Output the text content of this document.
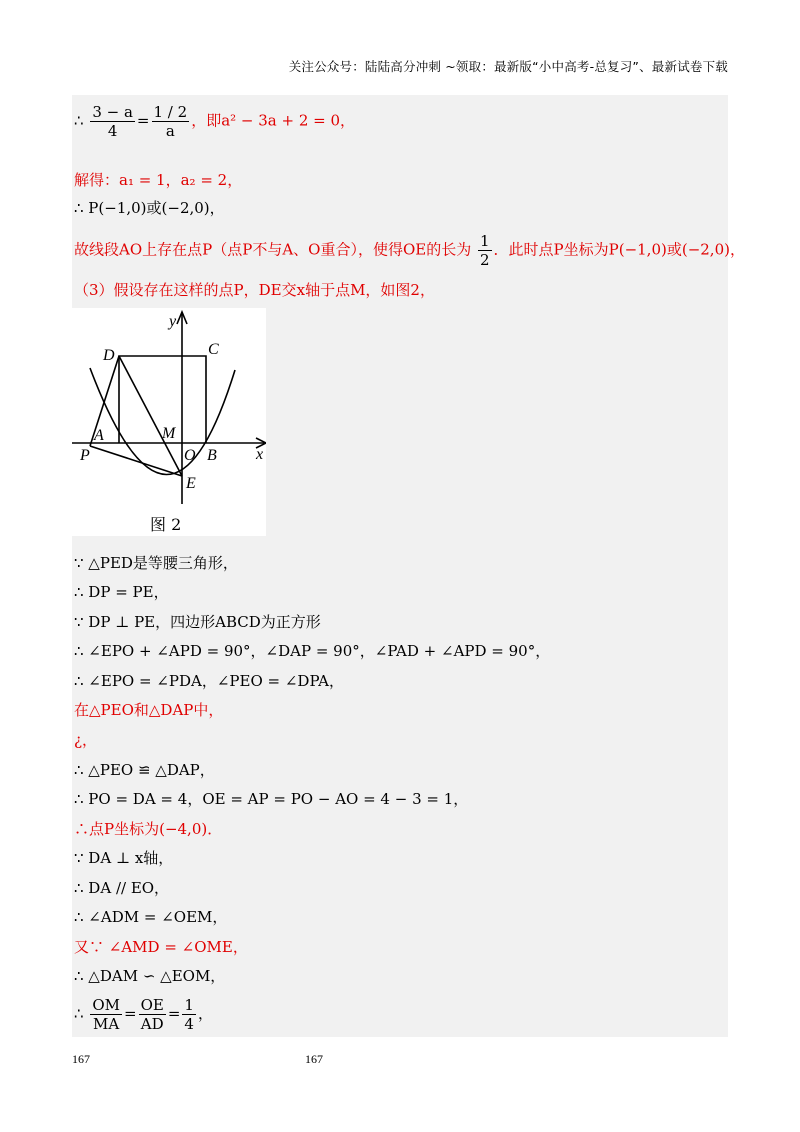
关注公众号：陆陆高分冲刺 ~领取：最新版“小中高考-总复习”、最新试卷下载
∴ $\frac{3 - a}{4} = \frac{1 / 2}{a}$ ，即a² − 3a + 2 = 0，
解得：a₁ = 1，a₂ = 2，
∴ P(−1,0)或(−2,0)，
故线段AO上存在点P（点P不与A、O重合），使得OE的长为 $\frac{1}{2}$ ．此时点P坐标为P(−1,0)或(−2,0)，
（3）假设存在这样的点P，DE交x轴于点M，如图2，
y
D	C
M
A
P	O B x
E
图 2
∵ △PED是等腰三角形，
∴ DP = PE，
∵ DP ⊥ PE，四边形ABCD为正方形
∴ ∠EPO + ∠APD = 90°，∠DAP = 90°，∠PAD + ∠APD = 90°，
∴ ∠EPO = ∠PDA，∠PEO = ∠DPA，
在△PEO和△DAP中，
¿，
∴ △PEO ≌ △DAP，
∴ PO = DA = 4，OE = AP = PO − AO = 4 − 3 = 1，
∴点P坐标为(−4,0)．
∵ DA ⊥ x轴，
∴ DA // EO，
∴ ∠ADM = ∠OEM，
又∵ ∠AMD = ∠OME，
∴ △DAM ∽ △EOM，
∴ $\frac{OM}{MA} = \frac{OE}{AD} = \frac{1}{4}$ ，
167	167
